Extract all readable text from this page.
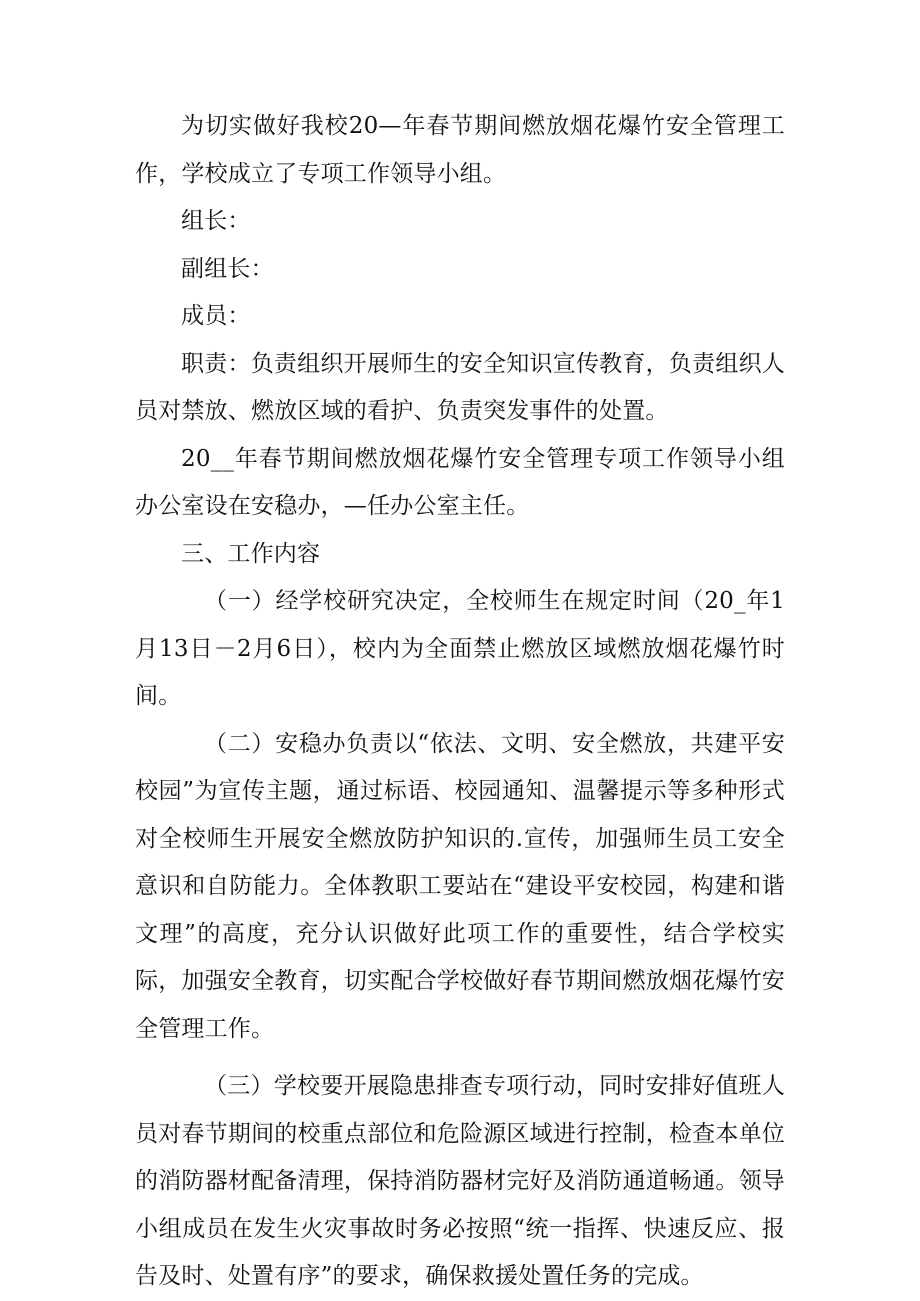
为切实做好我校20—年春节期间燃放烟花爆竹安全管理工作，学校成立了专项工作领导小组。

组长：

副组长：

成员：

职责：负责组织开展师生的安全知识宣传教育，负责组织人员对禁放、燃放区域的看护、负责突发事件的处置。

20__年春节期间燃放烟花爆竹安全管理专项工作领导小组办公室设在安稳办，—任办公室主任。

三、工作内容

（一）经学校研究决定，全校师生在规定时间（20_年1月13日－2月6日），校内为全面禁止燃放区域燃放烟花爆竹时间。

（二）安稳办负责以“依法、文明、安全燃放，共建平安校园”为宣传主题，通过标语、校园通知、温馨提示等多种形式对全校师生开展安全燃放防护知识的.宣传，加强师生员工安全意识和自防能力。全体教职工要站在“建设平安校园，构建和谐文理”的高度，充分认识做好此项工作的重要性，结合学校实际，加强安全教育，切实配合学校做好春节期间燃放烟花爆竹安全管理工作。

（三）学校要开展隐患排查专项行动，同时安排好值班人员对春节期间的校重点部位和危险源区域进行控制，检查本单位的消防器材配备清理，保持消防器材完好及消防通道畅通。领导小组成员在发生火灾事故时务必按照“统一指挥、快速反应、报告及时、处置有序”的要求，确保救援处置任务的完成。
